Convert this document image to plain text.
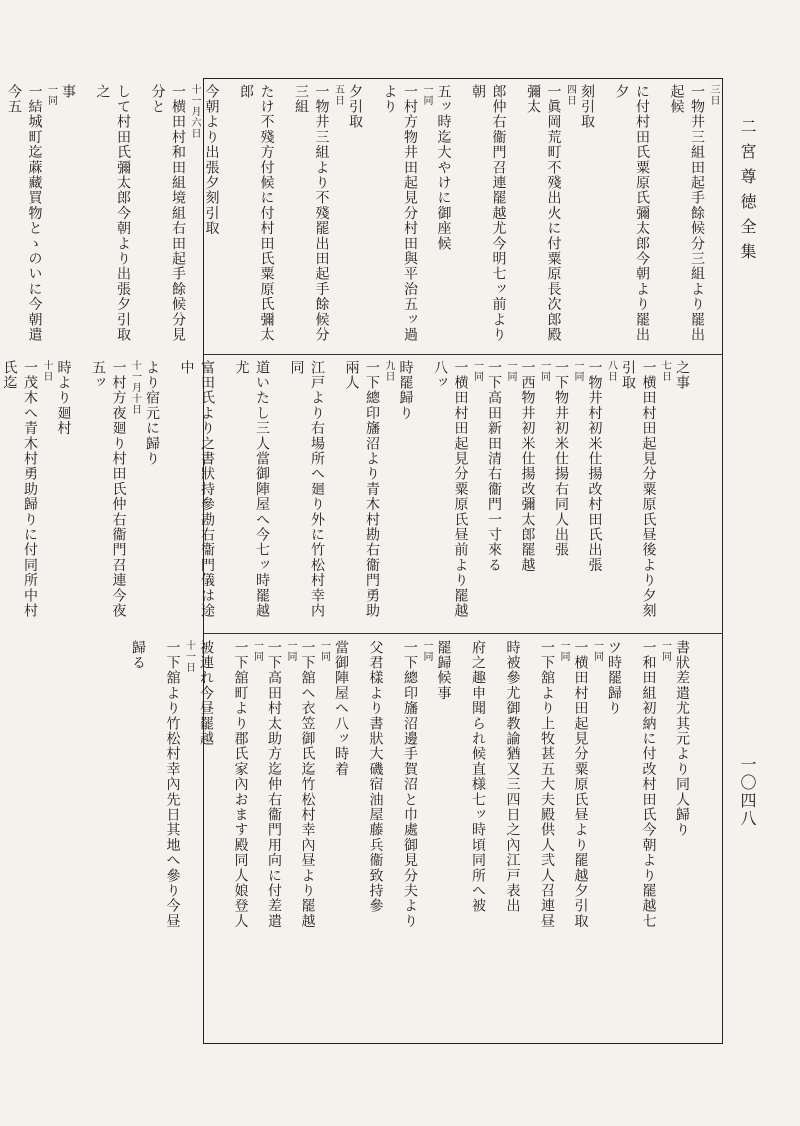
二宮尊徳全集
一〇四八
三日
一物井三組田起手餘候分三組より罷出起候
に付村田氏粟原氏彌太郎今朝より罷出夕
刻引取
四日
一眞岡荒町不殘出火に付粟原長次郎殿彌太
郎仲右衞門召連罷越尤今明七ッ前より朝
五ッ時迄大やけに御座候
一同
一村方物井田起見分村田與平治五ッ過より
夕引取
五日
一物井三組より不殘罷出田起手餘候分三組
たけ不殘方付候に付村田氏粟原氏彌太郎
今朝より出張夕刻引取
十一月六日
一横田村和田組境組右田起手餘候分見分と
して村田氏彌太郎今朝より出張夕引取之
事
一同
一結城町迄蔴藏買物とゝのいに今朝遣今五
之事
七日
一横田村田起見分粟原氏昼後より夕刻引取
八日
一物井村初米仕揚改村田氏出張
一同
一下物井初米仕揚右同人出張
一同
一西物井初米仕揚改彌太郎罷越
一同
一下高田新田清右衞門一寸來る
一同
一横田村田起見分粟原氏昼前より罷越八ッ
時罷歸り
九日
一下總印旛沼より青木村勘右衞門勇助兩人
江戸より右場所へ廻り外に竹松村幸内同
道いたし三人當御陣屋へ今七ッ時罷越尤
富田氏より之書狀持參勘右衞門儀は途中
より宿元に歸り
十一月十日
一村方夜廻り村田氏仲右衞門召連今夜五ッ
時より廻村
十日
一茂木へ青木村勇助歸りに付同所中村氏迄
書狀差遣尤其元より同人歸り
一同
一和田組初納に付改村田氏今朝より罷越七
ツ時罷歸り
一同
一横田村田起見分粟原氏昼より罷越夕引取
一同
一下舘より上牧甚五大夫殿供人弐人召連昼
時被參尤御教諭猶又三四日之內江戸表出
府之趣申聞られ候直様七ッ時頃同所へ被
罷歸候事
一同
一下總印旛沼邊手賀沼と巾處御見分夫より
父君樣より書狀大磯宿油屋藤兵衞致持參
當御陣屋へ八ッ時着
一同
一下舘へ衣笠御氏迄竹松村幸內昼より罷越
一同
一下高田村太助方迄仲右衞門用向に付差遣
一同
一下舘町より郡氏家內おます殿同人娘登人
被連れ今昼罷越
十一日
一下舘より竹松村幸內先日其地へ參り今昼
歸る
